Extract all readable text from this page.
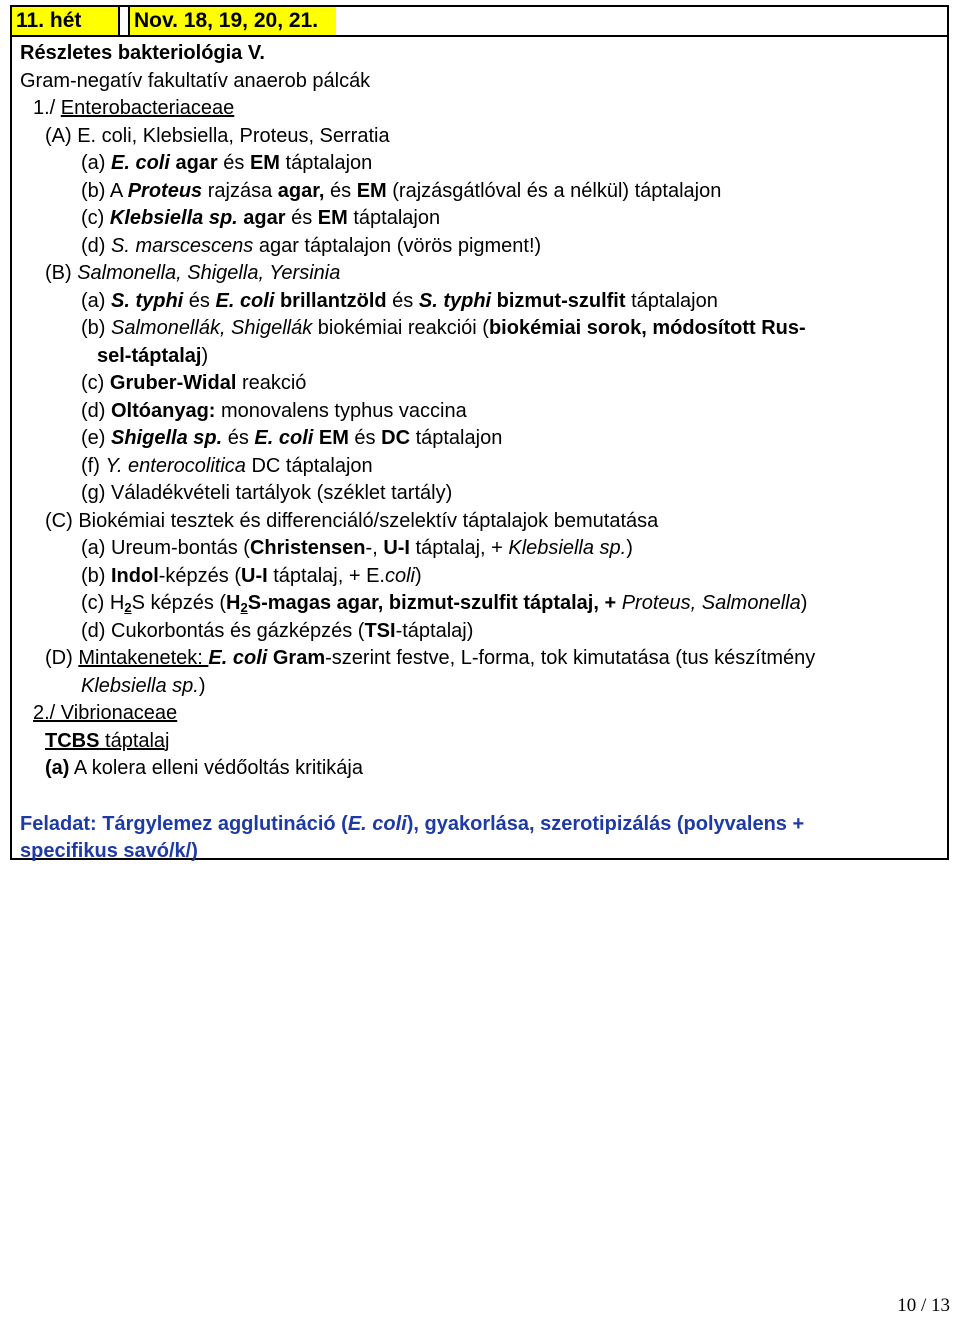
11. hét	Nov. 18, 19, 20, 21.
Részletes bakteriológia V.
Gram-negatív fakultatív anaerob pálcák
1./ Enterobacteriaceae
(A) E. coli, Klebsiella, Proteus, Serratia
(a) E. coli agar és EM táptalajon
(b) A Proteus rajzása agar, és EM (rajzásgátlóval és a nélkül) táptalajon
(c) Klebsiella sp. agar és EM táptalajon
(d) S. marscescens agar táptalajon (vörös pigment!)
(B) Salmonella, Shigella, Yersinia
(a) S. typhi és E. coli brillantzöld és S. typhi bizmut-szulfit táptalajon
(b) Salmonellák, Shigellák biokémiai reakciói (biokémiai sorok, módosított Rus-
sel-táptalaj)
(c) Gruber-Widal reakció
(d) Oltóanyag: monovalens typhus vaccina
(e) Shigella sp. és E. coli EM és DC táptalajon
(f) Y. enterocolitica DC táptalajon
(g) Váladékvételi tartályok (széklet tartály)
(C) Biokémiai tesztek és differenciáló/szelektív táptalajok bemutatása
(a) Ureum-bontás (Christensen-, U-I táptalaj, + Klebsiella sp.)
(b) Indol-képzés (U-I táptalaj, + E.coli)
(c) $H_2S$ képzés ($H_2S$-magas agar, bizmut-szulfit táptalaj, + Proteus, Salmonella)
(d) Cukorbontás és gázképzés (TSI-táptalaj)
(D) Mintakenetek: E. coli Gram-szerint festve, L-forma, tok kimutatása (tus készítmény
Klebsiella sp.)
2./ Vibrionaceae
TCBS táptalaj
(a) A kolera elleni védőoltás kritikája
Feladat: Tárgylemez agglutináció (E. coli), gyakorlása, szerotipizálás (polyvalens +
specifikus savó/k/)
10 / 13
